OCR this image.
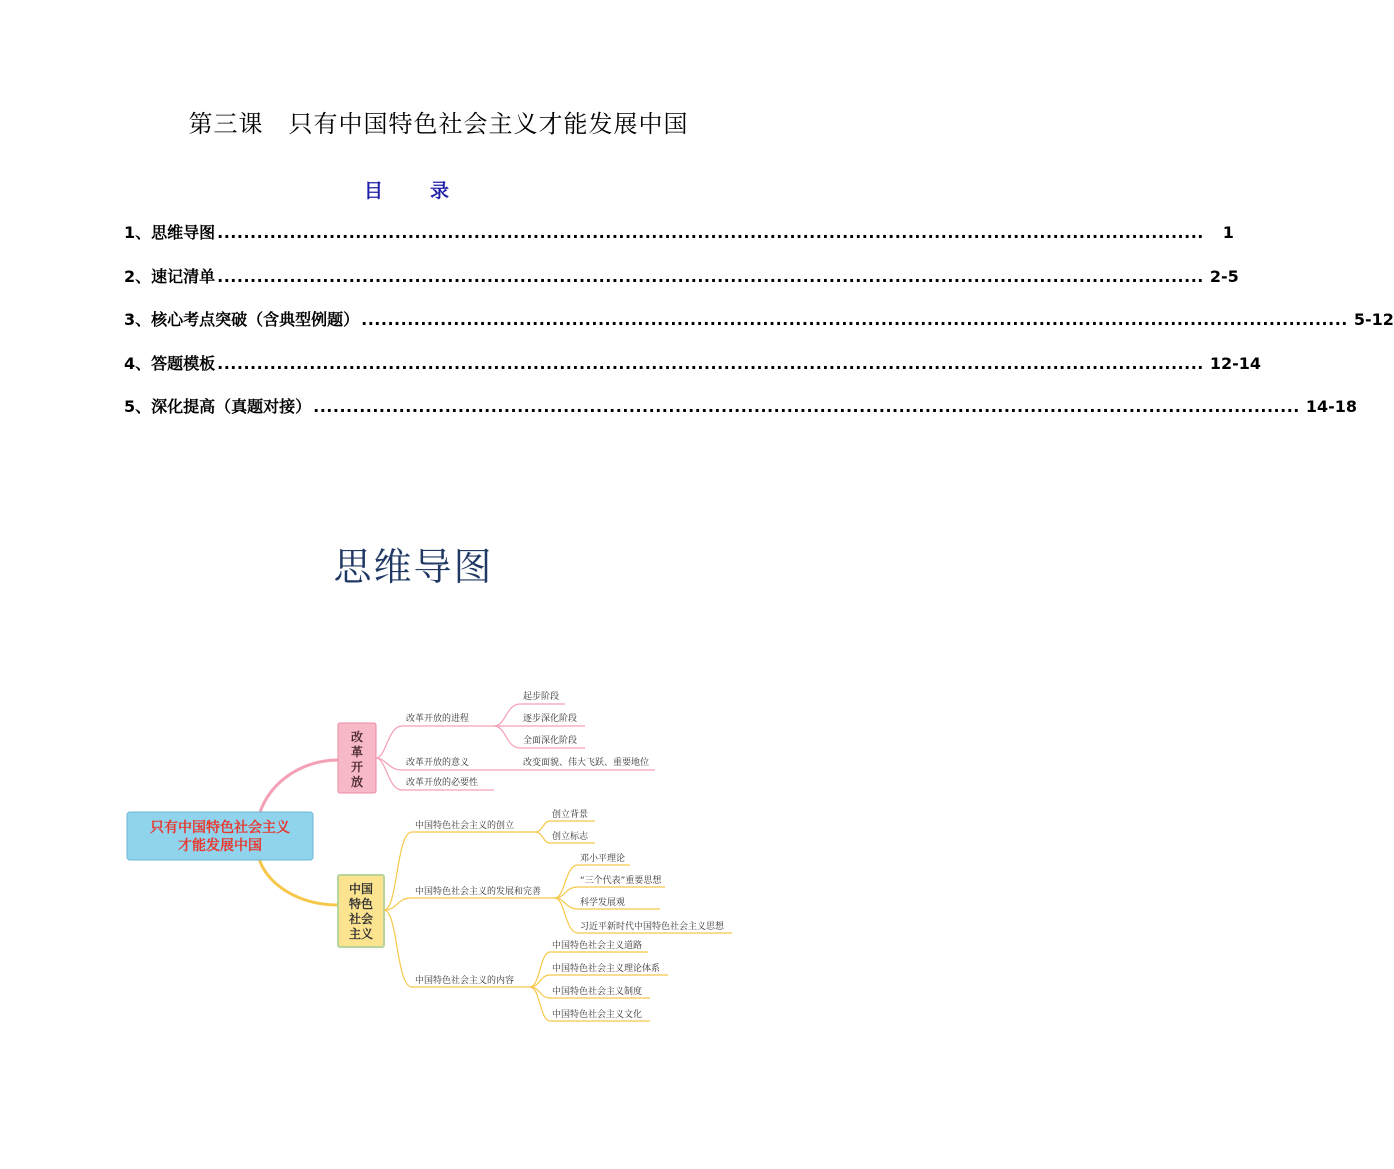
第三课　只有中国特色社会主义才能发展中国
目　录
1、思维导图 ......................................................................................................................................................	1
2、速记清单 ...................................................................................................................................................... 2-5
3、核心考点突破（含典型例题） ...................................................................................................................................................... 5-12
4、答题模板 ...................................................................................................................................................... 12-14
5、深化提高（真题对接） ...................................................................................................................................................... 14-18
思维导图
只有中国特色社会主义
才能发展中国
改
革
开
放
改革开放的进程
起步阶段
逐步深化阶段
全面深化阶段
改革开放的意义	改变面貌、伟大飞跃、重要地位
改革开放的必要性
中国
特色
社会
主义
中国特色社会主义的创立
创立背景
创立标志
中国特色社会主义的发展和完善
邓小平理论
“三个代表”重要思想
科学发展观
习近平新时代中国特色社会主义思想
中国特色社会主义的内容
中国特色社会主义道路
中国特色社会主义理论体系
中国特色社会主义制度
中国特色社会主义文化
